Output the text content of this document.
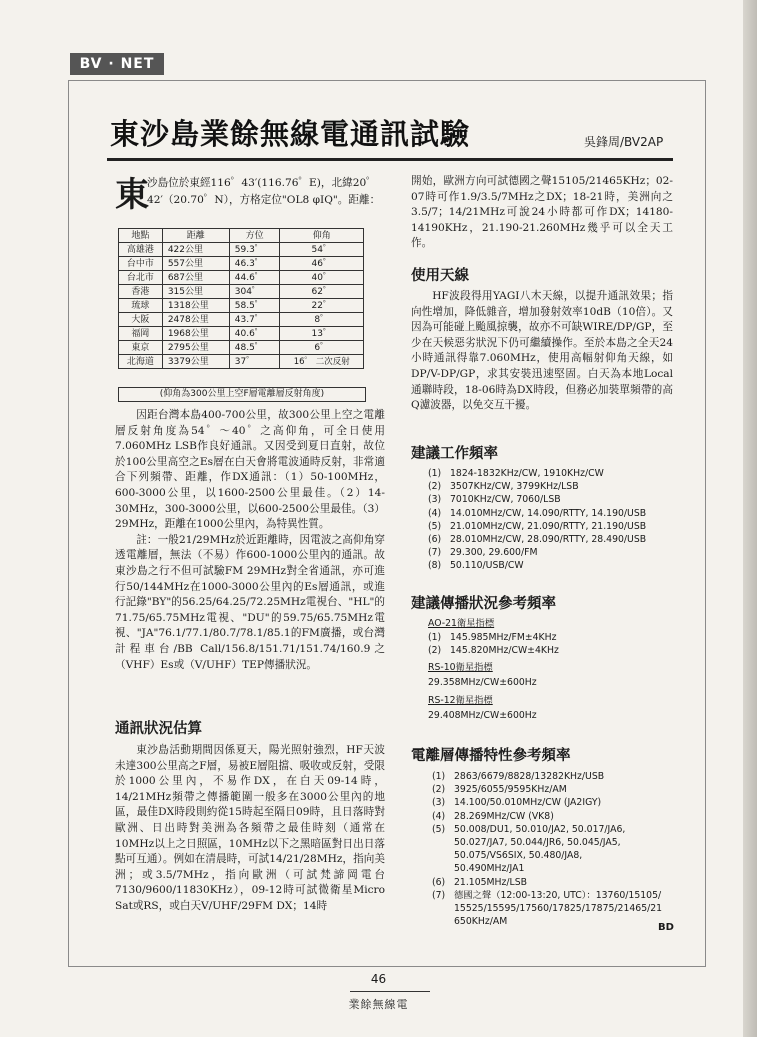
BV · NET
東沙島業餘無線電通訊試驗	吳鋒周/BV2AP
東
沙島位於東經116゜43′(116.76゜E)，北緯20゜42′（20.70゜N），方格定位"OL8 φIQ"。距離：
地點	距離	方位	仰角
高雄港	422公里	59.3゜	54゜
台中市	557公里	46.3゜	46゜
台北市	687公里	44.6゜	40゜
香港	315公里	304゜	62゜
琉球	1318公里	58.5゜	22゜
大阪	2478公里	43.7゜	8゜
福岡	1968公里	40.6゜	13゜
東京	2795公里	48.5゜	6゜
北海道	3379公里	37゜	16゜ 二次反射
(仰角為300公里上空F層電離層反射角度)

因距台灣本島400-700公里，故300公里上空之電離層反射角度為54゜～40゜之高仰角，可全日使用7.060MHz LSB作良好通訊。又因受到夏日直射，故位於100公里高空之Es層在白天會將電波通時反射，非常適合下列頻帶、距離，作DX通訊：（1）50-100MHz，600-3000公里，以1600-2500公里最佳。（2）14-30MHz，300-3000公里，以600-2500公里最佳。（3）29MHz，距離在1000公里內，為特異性質。

註：一般21/29MHz於近距離時，因電波之高仰角穿透電離層，無法（不易）作600-1000公里內的通訊。故東沙島之行不但可試驗FM 29MHz對全省通訊，亦可進行50/144MHz在1000-3000公里內的Es層通訊，或進行記錄"BY"的56.25/64.25/72.25MHz電視台、"HL"的71.75/65.75MHz電視、"DU"的59.75/65.75MHz電視、"JA"76.1/77.1/80.7/78.1/85.1的FM廣播，或台灣計程車台/BB Call/156.8/151.71/151.74/160.9之（VHF）Es或（V/UHF）TEP傳播狀況。

通訊狀況估算

東沙島活動期間因係夏天，陽光照射強烈，HF天波未達300公里高之F層，易被E層阻擋、吸收或反射，受限於1000公里內，不易作DX，在白天09-14時，14/21MHz頻帶之傳播範圍一般多在3000公里內的地區，最佳DX時段則約從15時起至隔日09時，且日落時對歐洲、日出時對美洲為各頻帶之最佳時刻（通常在10MHz以上之日照區，10MHz以下之黑暗區對日出日落點可互通）。例如在清晨時，可試14/21/28MHz，指向美洲；或3.5/7MHz，指向歐洲（可試梵諦岡電台7130/9600/11830KHz），09-12時可試微衛星Micro Sat或RS，或白天V/UHF/29FM DX；14時

開始，歐洲方向可試德國之聲15105/21465KHz；02-07時可作1.9/3.5/7MHz之DX；18-21時，美洲向之3.5/7；14/21MHz可說24小時都可作DX；14180-14190KHz，21.190-21.260MHz幾乎可以全天工作。

使用天線

HF波段得用YAGI八木天線，以提升通訊效果；指向性增加，降低雜音，增加發射效率10dB（10倍）。又因為可能碰上颱風掠襲，故亦不可缺WIRE/DP/GP，至少在天候惡劣狀況下仍可繼續操作。至於本島之全天24小時通訊得靠7.060MHz，使用高幅射仰角天線，如DP/V-DP/GP，求其安裝迅速堅固。白天為本地Local通聯時段，18-06時為DX時段，但務必加裝單頻帶的高Q濾波器，以免交互干擾。

建議工作頻率
(1) 1824-1832KHz/CW, 1910KHz/CW
(2) 3507KHz/CW, 3799KHz/LSB
(3) 7010KHz/CW, 7060/LSB
(4) 14.010MHz/CW, 14.090/RTTY, 14.190/USB
(5) 21.010MHz/CW, 21.090/RTTY, 21.190/USB
(6) 28.010MHz/CW, 28.090/RTTY, 28.490/USB
(7) 29.300, 29.600/FM
(8) 50.110/USB/CW
建議傳播狀況參考頻率
AO-21衛星指標
(1) 145.985MHz/FM±4KHz
(2) 145.820MHz/CW±4KHz
RS-10衛星指標
29.358MHz/CW±600Hz
RS-12衛星指標
29.408MHz/CW±600Hz
電離層傳播特性參考頻率
(1) 2863/6679/8828/13282KHz/USB
(2) 3925/6055/9595KHz/AM
(3) 14.100/50.010MHz/CW (JA2IGY)
(4) 28.269MHz/CW (VK8)
(5) 50.008/DU1, 50.010/JA2, 50.017/JA6, 50.027/JA7, 50.044/JR6, 50.045/JA5, 50.075/VS6SIX, 50.480/JA8, 50.490MHz/JA1
(6) 21.105MHz/LSB
(7) 德國之聲（12:00-13:20, UTC）：13760/15105/15525/15595/17560/17825/17875/21465/21650KHz/AM
BD
46
業餘無線電
